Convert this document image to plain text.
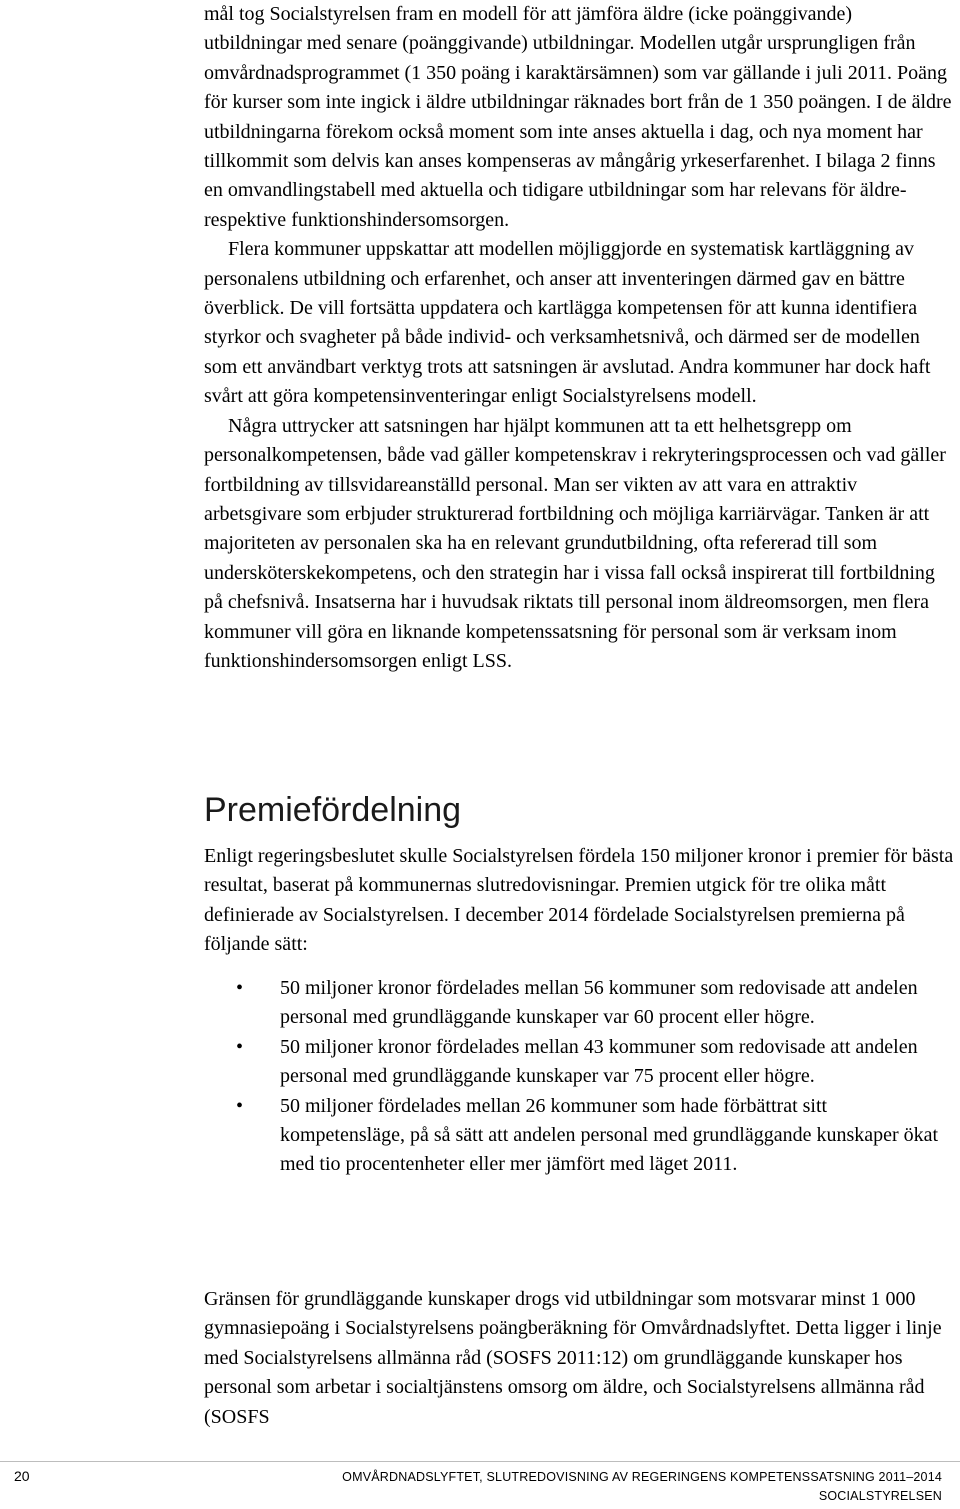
mål tog Socialstyrelsen fram en modell för att jämföra äldre (icke poänggivande) utbildningar med senare (poänggivande) utbildningar. Modellen utgår ursprungligen från omvårdnadsprogrammet (1 350 poäng i karaktärsämnen) som var gällande i juli 2011. Poäng för kurser som inte ingick i äldre utbildningar räknades bort från de 1 350 poängen. I de äldre utbildningarna förekom också moment som inte anses aktuella i dag, och nya moment har tillkommit som delvis kan anses kompenseras av mångårig yrkeserfarenhet. I bilaga 2 finns en omvandlingstabell med aktuella och tidigare utbildningar som har relevans för äldre- respektive funktionshindersomsorgen.

Flera kommuner uppskattar att modellen möjliggjorde en systematisk kartläggning av personalens utbildning och erfarenhet, och anser att inventeringen därmed gav en bättre överblick. De vill fortsätta uppdatera och kartlägga kompetensen för att kunna identifiera styrkor och svagheter på både individ- och verksamhetsnivå, och därmed ser de modellen som ett användbart verktyg trots att satsningen är avslutad. Andra kommuner har dock haft svårt att göra kompetensinventeringar enligt Socialstyrelsens modell.

Några uttrycker att satsningen har hjälpt kommunen att ta ett helhetsgrepp om personalkompetensen, både vad gäller kompetenskrav i rekryteringsprocessen och vad gäller fortbildning av tillsvidareanställd personal. Man ser vikten av att vara en attraktiv arbetsgivare som erbjuder strukturerad fortbildning och möjliga karriärvägar. Tanken är att majoriteten av personalen ska ha en relevant grundutbildning, ofta refererad till som undersköterskekompetens, och den strategin har i vissa fall också inspirerat till fortbildning på chefsnivå. Insatserna har i huvudsak riktats till personal inom äldreomsorgen, men flera kommuner vill göra en liknande kompetenssatsning för personal som är verksam inom funktionshindersomsorgen enligt LSS.

Premiefördelning

Enligt regeringsbeslutet skulle Socialstyrelsen fördela 150 miljoner kronor i premier för bästa resultat, baserat på kommunernas slutredovisningar. Premien utgick för tre olika mått definierade av Socialstyrelsen. I december 2014 fördelade Socialstyrelsen premierna på följande sätt:

• 50 miljoner kronor fördelades mellan 56 kommuner som redovisade att andelen personal med grundläggande kunskaper var 60 procent eller högre.
• 50 miljoner kronor fördelades mellan 43 kommuner som redovisade att andelen personal med grundläggande kunskaper var 75 procent eller högre.
• 50 miljoner fördelades mellan 26 kommuner som hade förbättrat sitt kompetensläge, på så sätt att andelen personal med grundläggande kunskaper ökat med tio procentenheter eller mer jämfört med läget 2011.

Gränsen för grundläggande kunskaper drogs vid utbildningar som motsvarar minst 1 000 gymnasiepoäng i Socialstyrelsens poängberäkning för Omvårdnadslyftet. Detta ligger i linje med Socialstyrelsens allmänna råd (SOSFS 2011:12) om grundläggande kunskaper hos personal som arbetar i socialtjänstens omsorg om äldre, och Socialstyrelsens allmänna råd (SOSFS

20	OMVÅRDNADSLYFTET, SLUTREDOVISNING AV REGERINGENS KOMPETENSSATSNING 2011–2014
SOCIALSTYRELSEN
